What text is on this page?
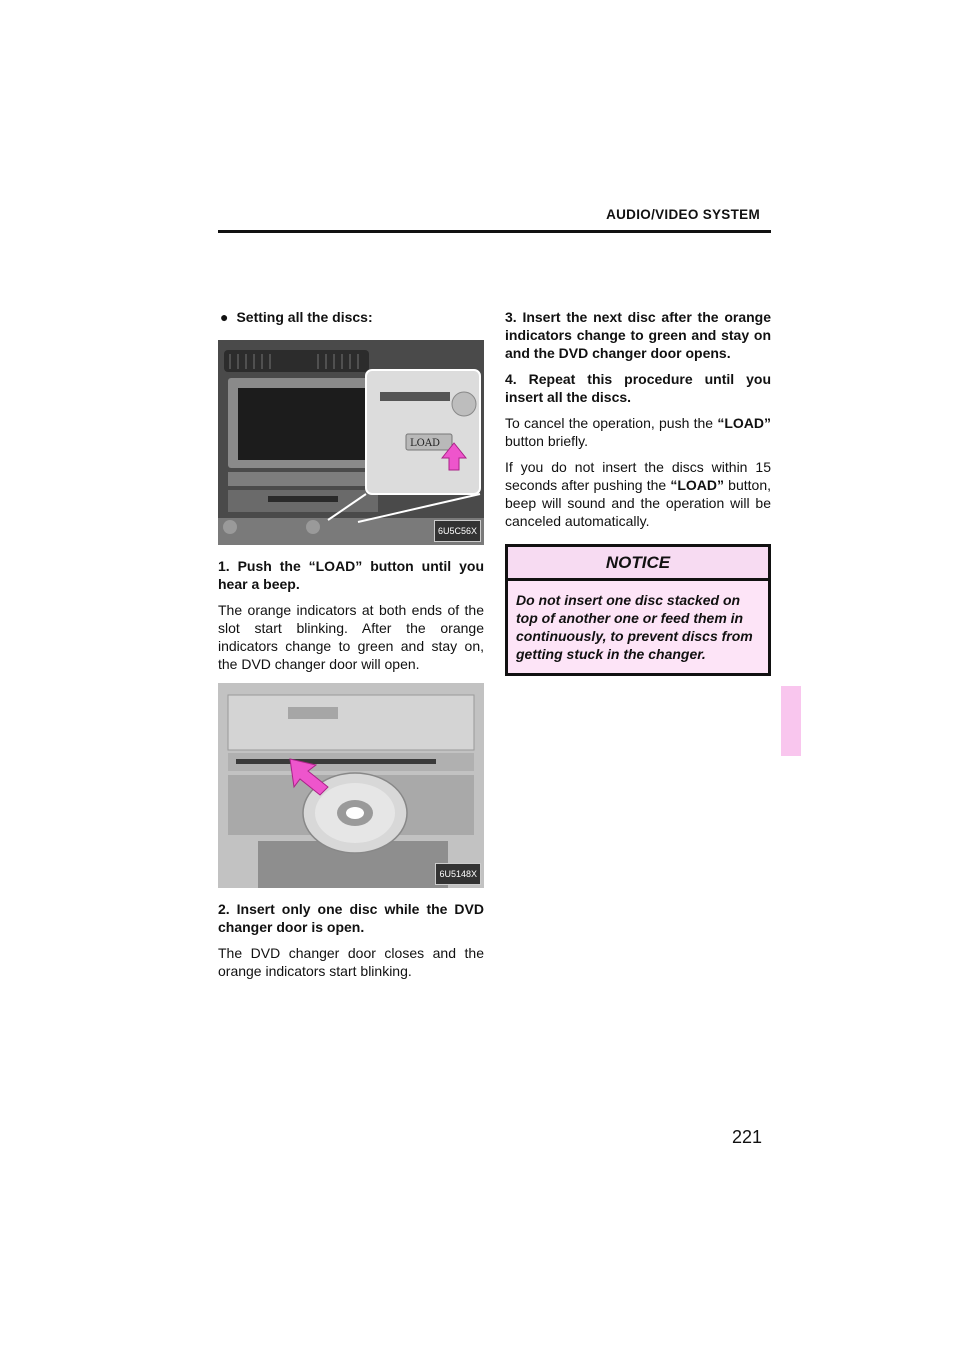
AUDIO/VIDEO SYSTEM
● Setting all the discs:
LOAD
6U5C56X
1. Push the “LOAD” button until you hear a beep.
The orange indicators at both ends of the slot start blinking. After the orange indicators change to green and stay on, the DVD changer door will open.
6U5148X
2. Insert only one disc while the DVD changer door is open.
The DVD changer door closes and the orange indicators start blinking.
3. Insert the next disc after the orange indicators change to green and stay on and the DVD changer door opens.
4. Repeat this procedure until you insert all the discs.
To cancel the operation, push the “LOAD” button briefly.
If you do not insert the discs within 15 seconds after pushing the “LOAD” button, beep will sound and the operation will be canceled automatically.
NOTICE
Do not insert one disc stacked on top of another one or feed them in continuously, to prevent discs from getting stuck in the changer.
221
